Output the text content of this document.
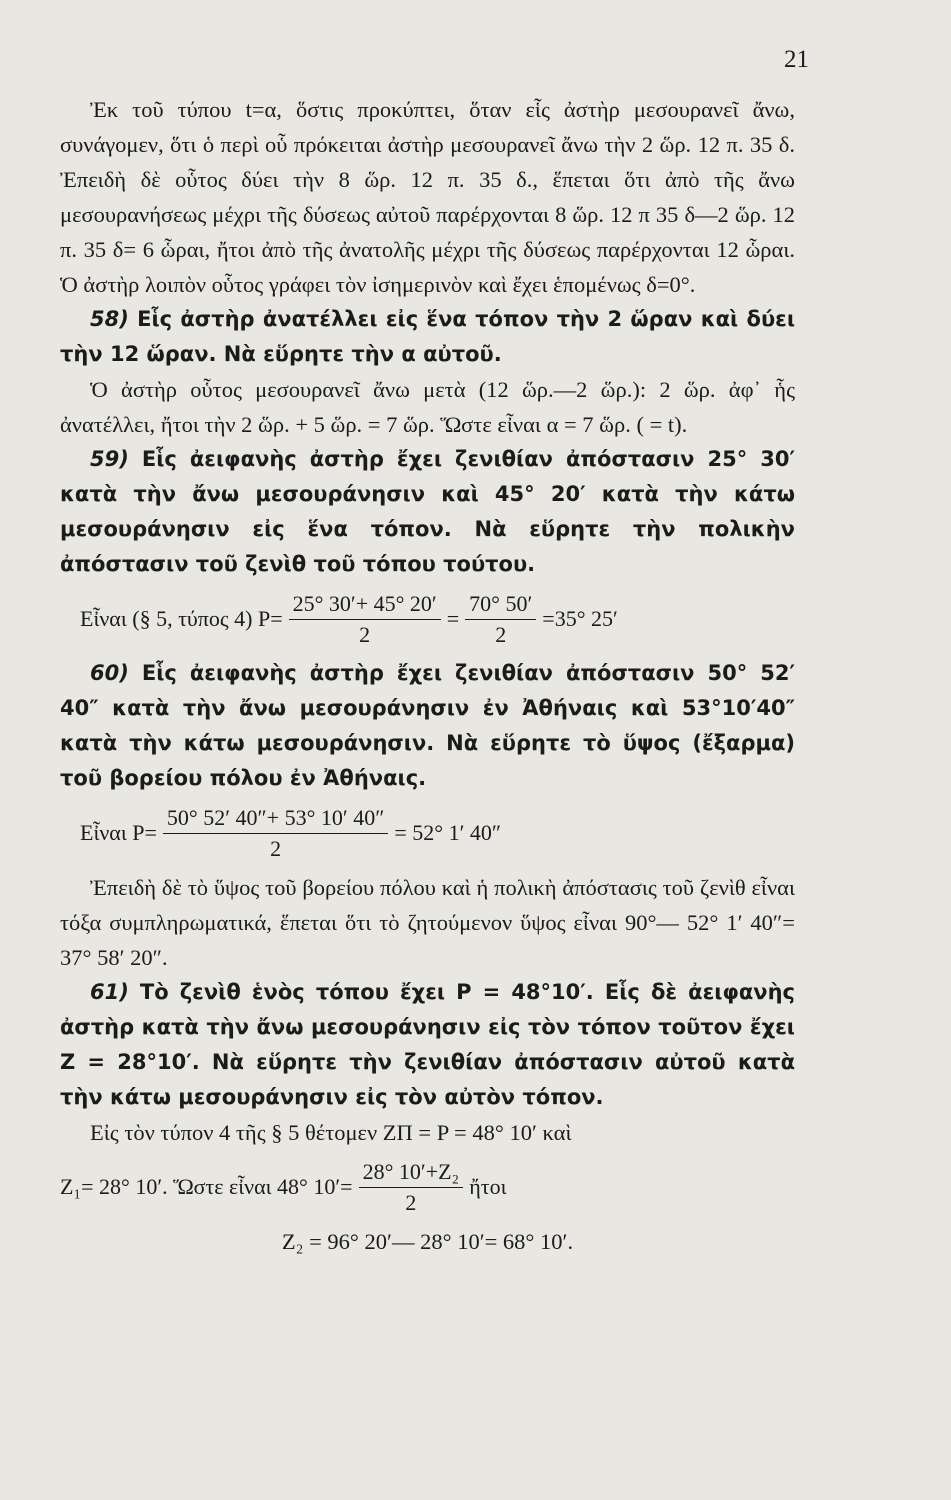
21

Ἐκ τοῦ τύπου t=α, ὅστις προκύπτει, ὅταν εἷς ἀστὴρ μεσουρανεῖ ἄνω, συνάγομεν, ὅτι ὁ περὶ οὗ πρόκειται ἀστὴρ μεσουρανεῖ ἄνω τὴν 2 ὥρ. 12 π. 35 δ. Ἐπειδὴ δὲ οὗτος δύει τὴν 8 ὥρ. 12 π. 35 δ., ἕπεται ὅτι ἀπὸ τῆς ἄνω μεσουρανήσεως μέχρι τῆς δύσεως αὐτοῦ παρέρχονται 8 ὥρ. 12 π 35 δ—2 ὥρ. 12 π. 35 δ= 6 ὧραι, ἤτοι ἀπὸ τῆς ἀνατολῆς μέχρι τῆς δύσεως παρέρχονται 12 ὧραι. Ὁ ἀστὴρ λοιπὸν οὗτος γράφει τὸν ἰσημερινὸν καὶ ἔχει ἑπομένως δ=0°.

58) Εἷς ἀστὴρ ἀνατέλλει εἰς ἕνα τόπον τὴν 2 ὥραν καὶ δύει τὴν 12 ὥραν. Νὰ εὕρητε τὴν α αὐτοῦ.

Ὁ ἀστὴρ οὗτος μεσουρανεῖ ἄνω μετὰ (12 ὥρ.—2 ὥρ.): 2 ὥρ. ἀφ᾽ ἧς ἀνατέλλει, ἤτοι τὴν 2 ὥρ. + 5 ὥρ. = 7 ὥρ. Ὥστε εἶναι α = 7 ὥρ. ( = t).

59) Εἷς ἀειφανὴς ἀστὴρ ἔχει ζενιθίαν ἀπόστασιν 25° 30′ κατὰ τὴν ἄνω μεσουράνησιν καὶ 45° 20′ κατὰ τὴν κάτω μεσουράνησιν εἰς ἕνα τόπον. Νὰ εὕρητε τὴν πολικὴν ἀπόστασιν τοῦ ζενὶθ τοῦ τόπου τούτου.

Εἶναι (§ 5, τύπος 4) $P= \frac{25^\circ 30'+ 45^\circ 20'}{2} = \frac{70^\circ 50'}{2} =35^\circ$ 25′

60) Εἷς ἀειφανὴς ἀστὴρ ἔχει ζενιθίαν ἀπόστασιν 50° 52′ 40″ κατὰ τὴν ἄνω μεσουράνησιν ἐν Ἀθήναις καὶ 53°10′40″ κατὰ τὴν κάτω μεσουράνησιν. Νὰ εὕρητε τὸ ὕψος (ἔξαρμα) τοῦ βορείου πόλου ἐν Ἀθήναις.

Εἶναι $P= \frac{50^\circ 52' 40''+ 53^\circ 10' 40''}{2} = 52^\circ$ 1′ 40″

Ἐπειδὴ δὲ τὸ ὕψος τοῦ βορείου πόλου καὶ ἡ πολικὴ ἀπόστασις τοῦ ζενὶθ εἶναι τόξα συμπληρωματικά, ἕπεται ὅτι τὸ ζητούμενον ὕψος εἶναι 90°— 52° 1′ 40″= 37° 58′ 20″.

61) Τὸ ζενὶθ ἑνὸς τόπου ἔχει P = 48°10′. Εἷς δὲ ἀειφανὴς ἀστὴρ κατὰ τὴν ἄνω μεσουράνησιν εἰς τὸν τόπον τοῦτον ἔχει Z = 28°10′. Νὰ εὕρητε τὴν ζενιθίαν ἀπόστασιν αὐτοῦ κατὰ τὴν κάτω μεσουράνησιν εἰς τὸν αὐτὸν τόπον.

Εἰς τὸν τύπον 4 τῆς § 5 θέτομεν ΖΠ = P = 48° 10′ καὶ

Z₁= 28° 10′. Ὥστε εἶναι 48° $10'= \frac{\text{28° 10′+Z₂}}{2}$ ἤτοι

Z₂ = 96° 20′— 28° 10′= 68° 10′.
